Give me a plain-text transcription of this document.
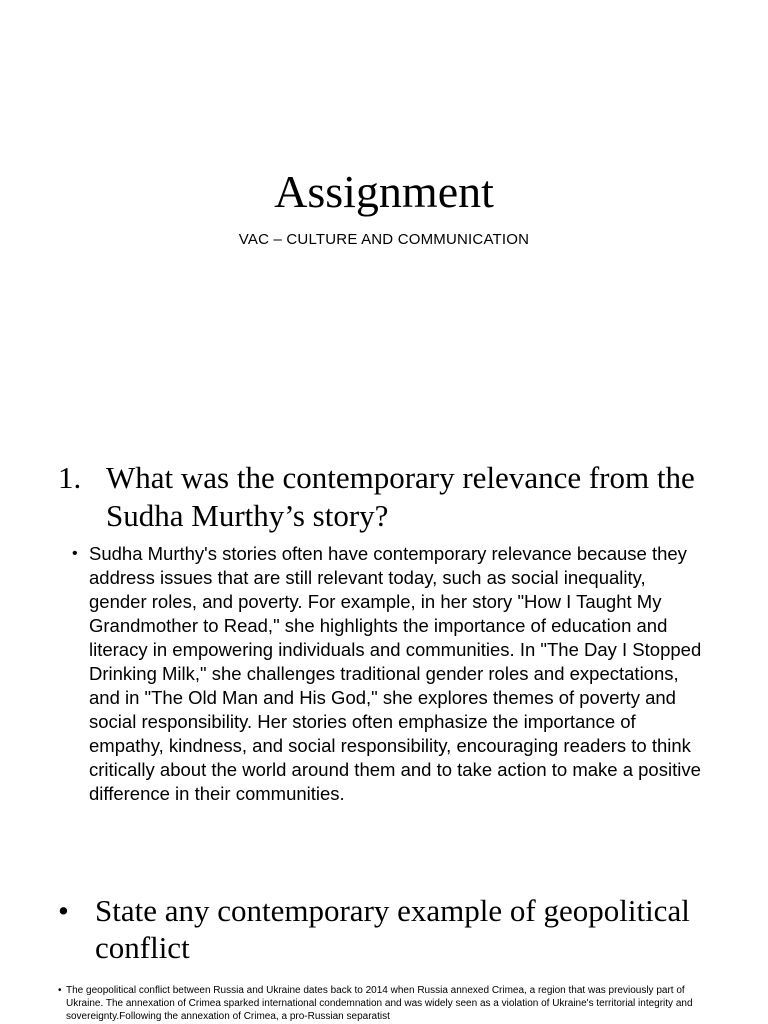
Assignment
VAC – CULTURE AND COMMUNICATION
1. What was the contemporary relevance from the Sudha Murthy’s story?
• Sudha Murthy's stories often have contemporary relevance because they address issues that are still relevant today, such as social inequality, gender roles, and poverty. For example, in her story "How I Taught My Grandmother to Read," she highlights the importance of education and literacy in empowering individuals and communities. In "The Day I Stopped Drinking Milk," she challenges traditional gender roles and expectations, and in "The Old Man and His God," she explores themes of poverty and social responsibility. Her stories often emphasize the importance of empathy, kindness, and social responsibility, encouraging readers to think critically about the world around them and to take action to make a positive difference in their communities.
• State any contemporary example of geopolitical conflict
• The geopolitical conflict between Russia and Ukraine dates back to 2014 when Russia annexed Crimea, a region that was previously part of Ukraine. The annexation of Crimea sparked international condemnation and was widely seen as a violation of Ukraine's territorial integrity and sovereignty.Following the annexation of Crimea, a pro-Russian separatist
